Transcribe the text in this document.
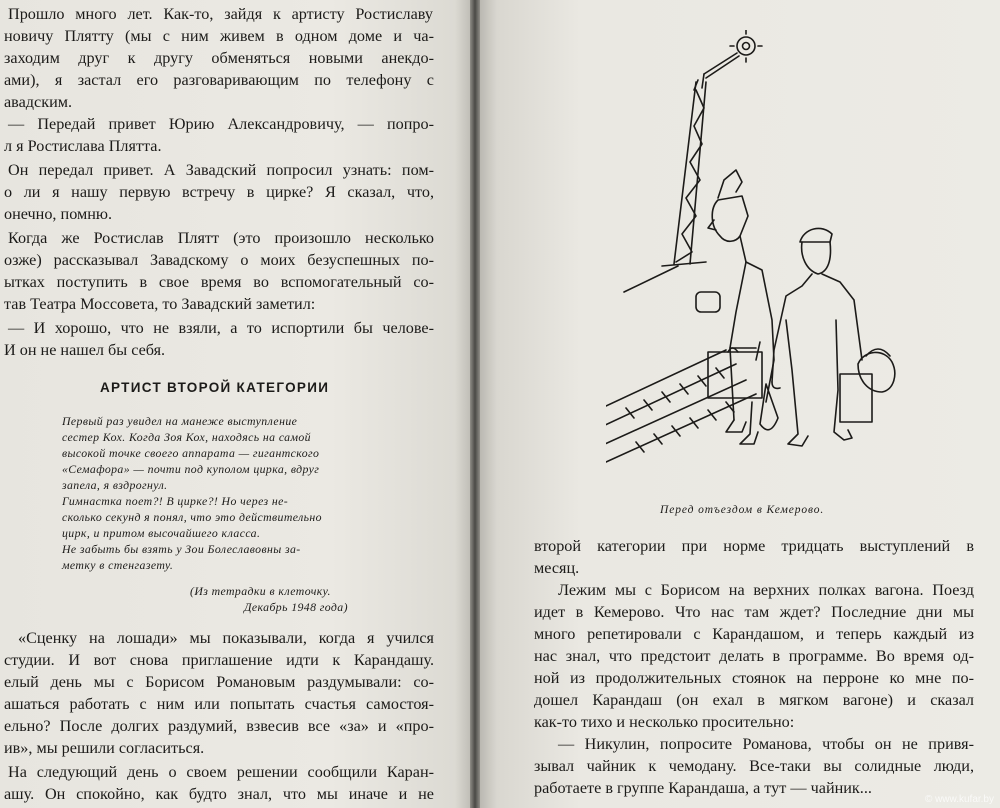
Прошло много лет. Как-то, зайдя к артисту Ростиславу
новичу Плятту (мы с ним живем в одном доме и ча-
заходим друг к другу обменяться новыми анекдо-
ами), я застал его разговаривающим по телефону с
авадским.
— Передай привет Юрию Александровичу, — попро-
л я Ростислава Плятта.
Он передал привет. А Завадский попросил узнать: пом-
о ли я нашу первую встречу в цирке? Я сказал, что,
онечно, помню.
Когда же Ростислав Плятт (это произошло несколько
озже) рассказывал Завадскому о моих безуспешных по-
ытках поступить в свое время во вспомогательный со-
тав Театра Моссовета, то Завадский заметил:
— И хорошо, что не взяли, а то испортили бы челове-
И он не нашел бы себя.
АРТИСТ ВТОРОЙ КАТЕГОРИИ
Первый раз увидел на манеже выступление
сестер Кох. Когда Зоя Кох, находясь на самой
высокой точке своего аппарата — гигантского
«Семафора» — почти под куполом цирка, вдруг
запела, я вздрогнул.
Гимнастка поет?! В цирке?! Но через не-
сколько секунд я понял, что это действительно
цирк, и притом высочайшего класса.
Не забыть бы взять у Зои Болеславовны за-
метку в стенгазету.
(Из тетрадки в клеточку.
Декабрь 1948 года)
«Сценку на лошади» мы показывали, когда я учился
студии. И вот снова приглашение идти к Карандашу.
елый день мы с Борисом Романовым раздумывали: со-
ашаться работать с ним или попытать счастья самостоя-
ельно? После долгих раздумий, взвесив все «за» и «про-
ив», мы решили согласиться.
На следующий день о своем решении сообщили Каран-
ашу. Он спокойно, как будто знал, что мы иначе и не
Перед отъездом в Кемерово.
второй категории при норме тридцать выступлений в
месяц.
Лежим мы с Борисом на верхних полках вагона. Поезд
идет в Кемерово. Что нас там ждет? Последние дни мы
много репетировали с Карандашом, и теперь каждый из
нас знал, что предстоит делать в программе. Во время од-
ной из продолжительных стоянок на перроне ко мне по-
дошел Карандаш (он ехал в мягком вагоне) и сказал
как-то тихо и несколько просительно:
— Никулин, попросите Романова, чтобы он не привя-
зывал чайник к чемодану. Все-таки вы солидные люди,
работаете в группе Карандаша, а тут — чайник...
© www.kufar.by
